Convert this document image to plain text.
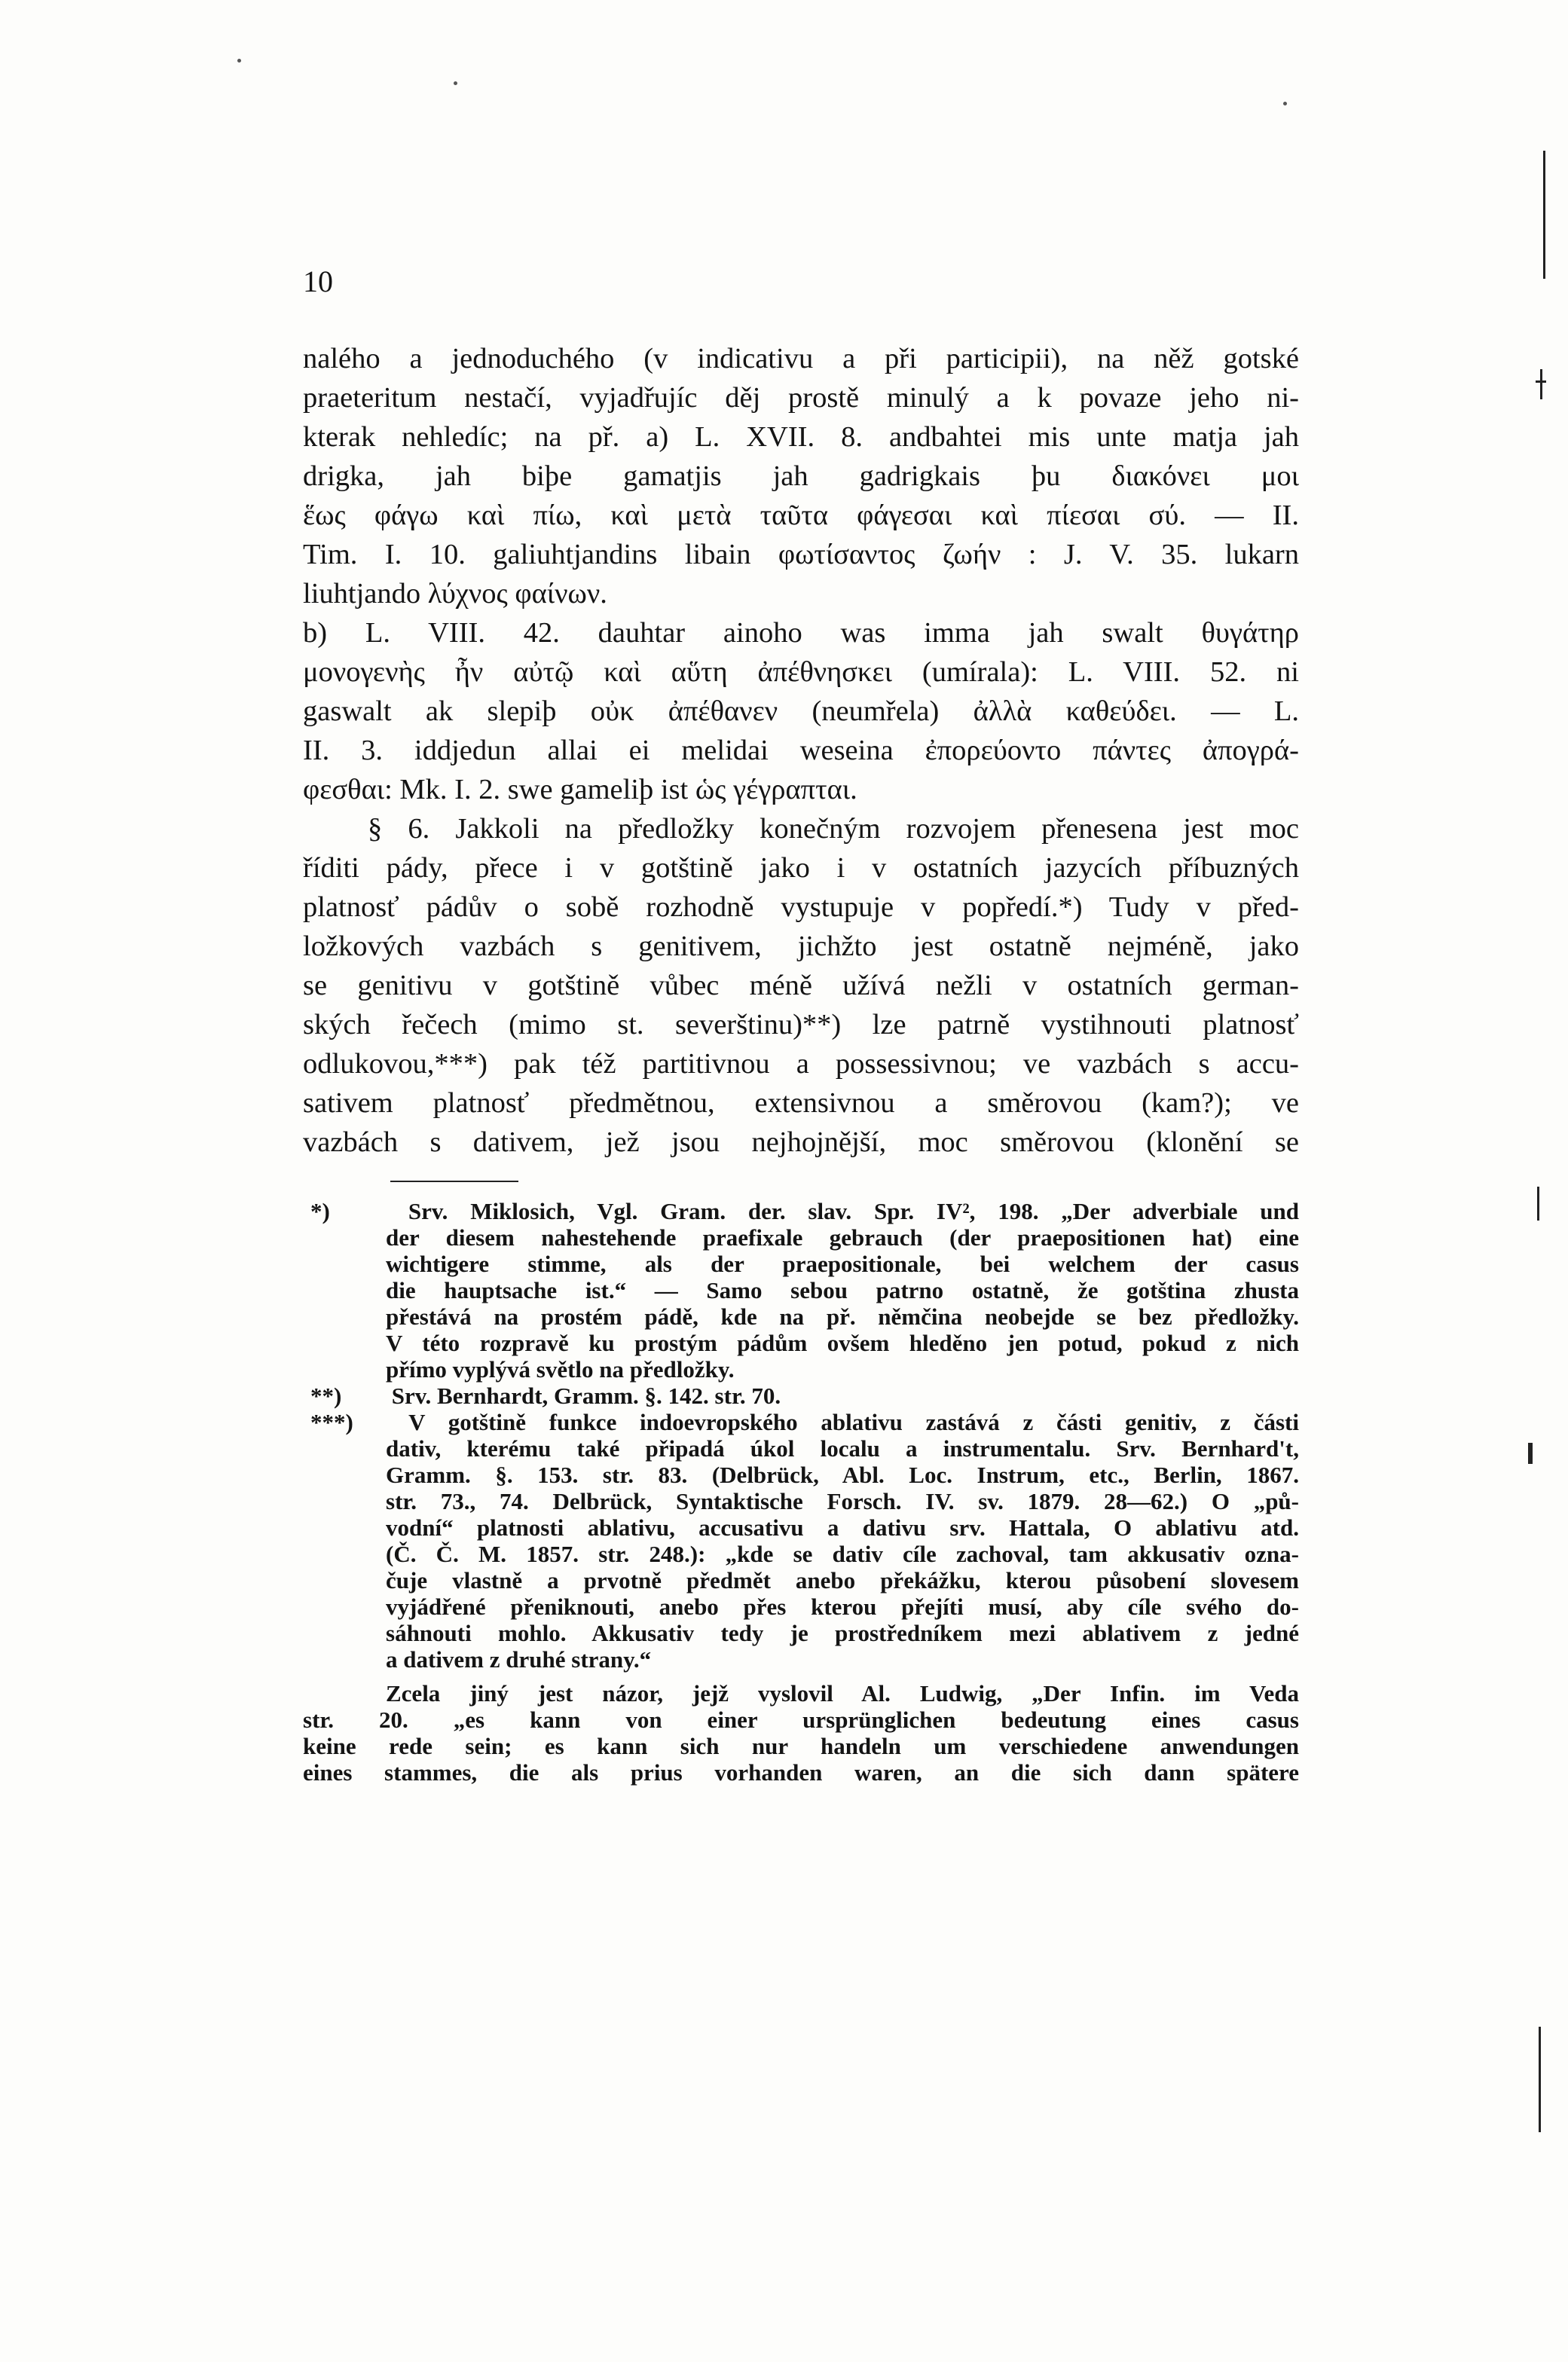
10

nalého a jednoduchého (v indicativu a při participii), na něž gotské

praeteritum nestačí, vyjadřujíc děj prostě minulý a k povaze jeho ni-

kterak nehledíc; na př. a) L. XVII. 8. andbahtei mis unte matja jah

drigka, jah biþe gamatjis jah gadrigkais þu διακόνει μοι

ἕως φάγω καὶ πίω, καὶ μετὰ ταῦτα φάγεσαι καὶ πίεσαι σύ. — II.

Tim. I. 10. galiuhtjandins libain φωτίσαντος ζωήν : J. V. 35. lukarn

liuhtjando λύχνος φαίνων.

b) L. VIII. 42. dauhtar ainoho was imma jah swalt θυγάτηρ

μονογενὴς ἦν αὐτῷ καὶ αὕτη ἀπέθνησκει (umírala): L. VIII. 52. ni

gaswalt ak slepiþ οὐκ ἀπέθανεν (neumřela) ἀλλὰ καθεύδει. — L.

II. 3. iddjedun allai ei melidai weseina ἐπορεύοντο πάντες ἀπογρά-

φεσθαι: Mk. I. 2. swe gameliþ ist ὡς γέγραπται.

§ 6. Jakkoli na předložky konečným rozvojem přenesena jest moc

říditi pády, přece i v gotštině jako i v ostatních jazycích příbuzných

platnosť pádův o sobě rozhodně vystupuje v popředí.*) Tudy v před-

ložkových vazbách s genitivem, jichžto jest ostatně nejméně, jako

se genitivu v gotštině vůbec méně užívá nežli v ostatních german-

ských řečech (mimo st. severštinu)**) lze patrně vystihnouti platnosť

odlukovou,***) pak též partitivnou a possessivnou; ve vazbách s accu-

sativem platnosť předmětnou, extensivnou a směrovou (kam?); ve

vazbách s dativem, jež jsou nejhojnější, moc směrovou (klonění se

*)	Srv. Miklosich, Vgl. Gram. der. slav. Spr. IV², 198. „Der adverbiale und

der diesem nahestehende praefixale gebrauch (der praepositionen hat) eine

wichtigere stimme, als der praepositionale, bei welchem der casus

die hauptsache ist.“ — Samo sebou patrno ostatně, že gotština zhusta

přestává na prostém pádě, kde na př. němčina neobejde se bez předložky.

V této rozpravě ku prostým pádům ovšem hleděno jen potud, pokud z nich

přímo vyplývá světlo na předložky.

**) Srv. Bernhardt, Gramm. §. 142. str. 70.

***) V gotštině funkce indoevropského ablativu zastává z části genitiv, z části

dativ, kterému také připadá úkol localu a instrumentalu. Srv. Bernhard't,

Gramm. §. 153. str. 83. (Delbrück, Abl. Loc. Instrum, etc., Berlin, 1867.

str. 73., 74. Delbrück, Syntaktische Forsch. IV. sv. 1879. 28—62.) O „pů-

vodní“ platnosti ablativu, accusativu a dativu srv. Hattala, O ablativu atd.

(Č. Č. M. 1857. str. 248.): „kde se dativ cíle zachoval, tam akkusativ ozna-

čuje vlastně a prvotně předmět anebo překážku, kterou působení slovesem

vyjádřené přeniknouti, anebo přes kterou přejíti musí, aby cíle svého do-

sáhnouti mohlo. Akkusativ tedy je prostředníkem mezi ablativem z jedné

a dativem z druhé strany.“

Zcela jiný jest názor, jejž vyslovil Al. Ludwig, „Der Infin. im Veda

str. 20. „es kann von einer ursprünglichen bedeutung eines casus

keine rede sein; es kann sich nur handeln um verschiedene anwendungen

eines stammes, die als prius vorhanden waren, an die sich dann spätere
